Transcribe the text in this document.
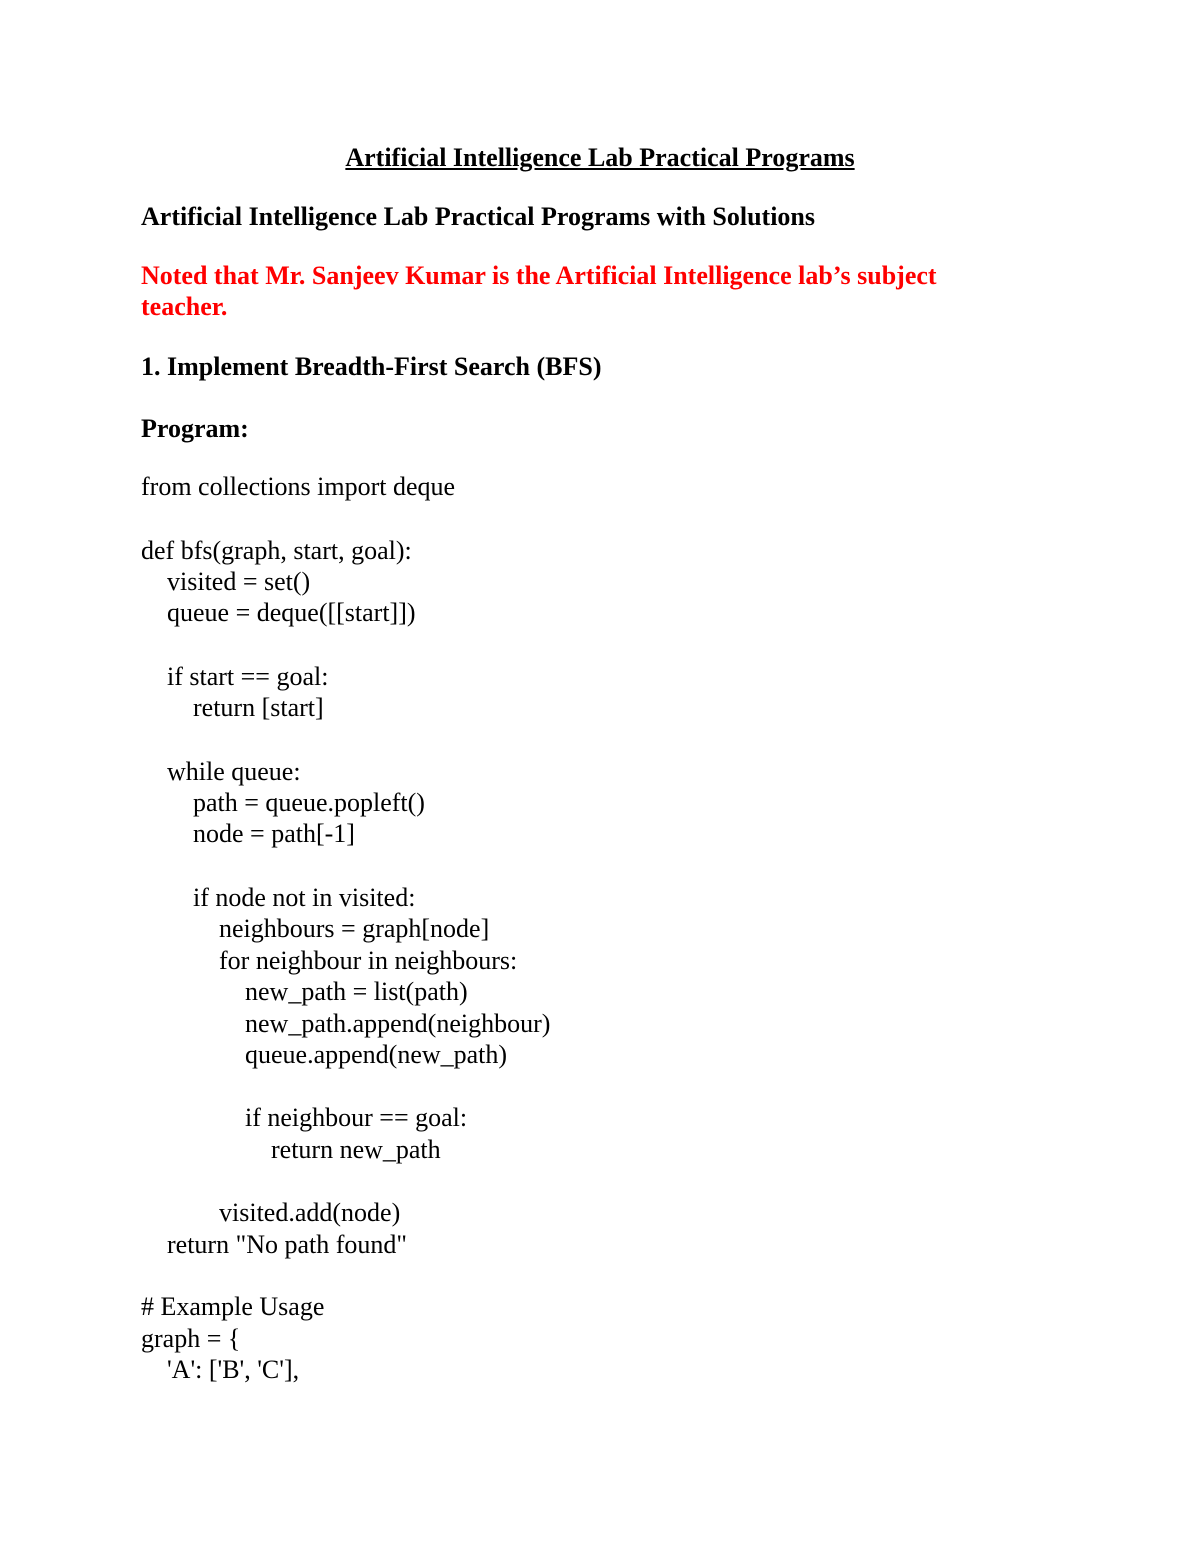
Artificial Intelligence Lab Practical Programs
Artificial Intelligence Lab Practical Programs with Solutions
Noted that Mr. Sanjeev Kumar is the Artificial Intelligence lab’s subject teacher.
1. Implement Breadth-First Search (BFS)
Program:
from collections import deque
def bfs(graph, start, goal):
visited = set()
queue = deque([[start]])
if start == goal:
return [start]
while queue:
path = queue.popleft()
node = path[-1]
if node not in visited:
neighbours = graph[node]
for neighbour in neighbours:
new_path = list(path)
new_path.append(neighbour)
queue.append(new_path)
if neighbour == goal:
return new_path
visited.add(node)
return "No path found"
# Example Usage
graph = {
'A': ['B', 'C'],
